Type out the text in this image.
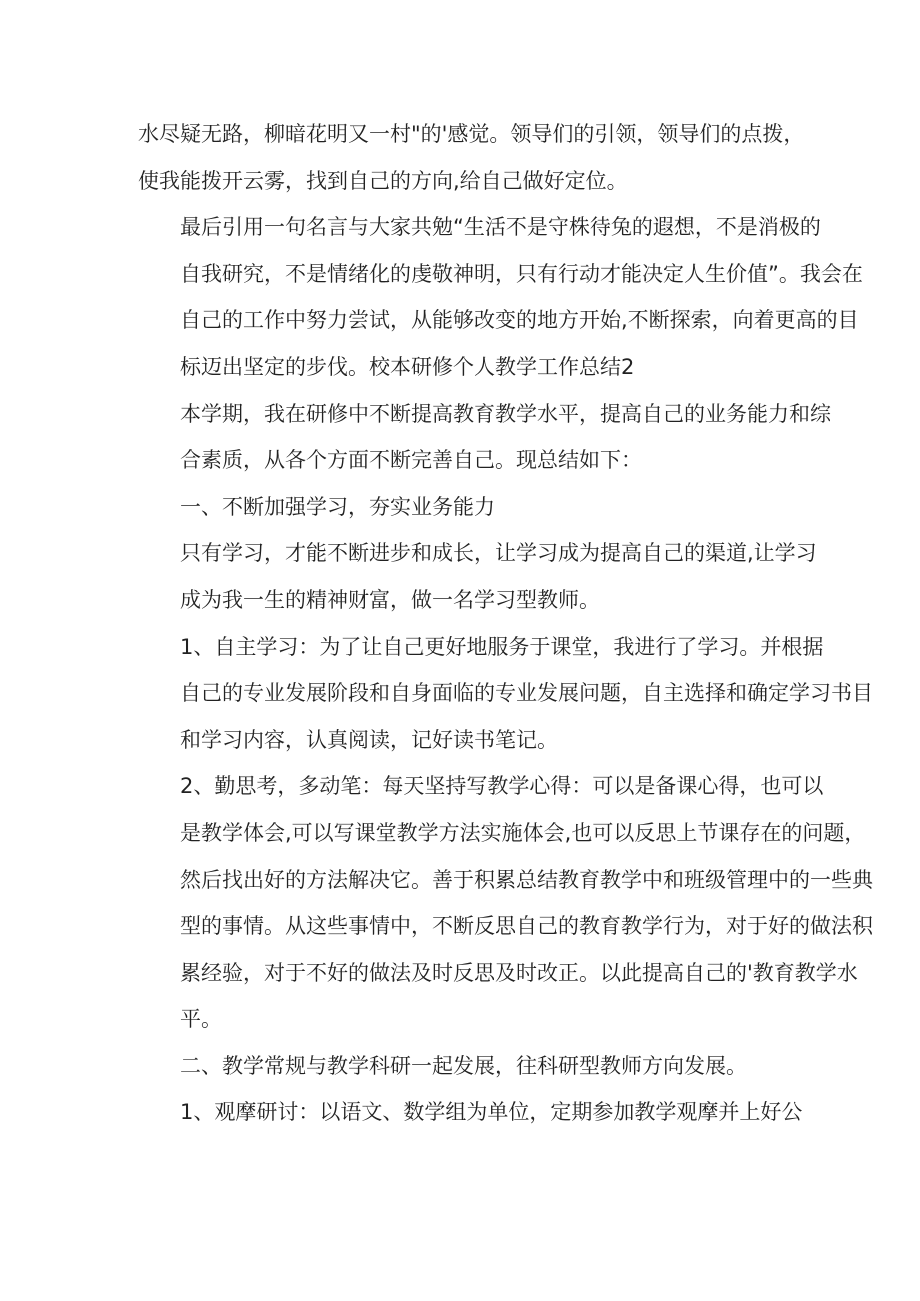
水尽疑无路，柳暗花明又一村"的'感觉。领导们的引领，领导们的点拨，
使我能拨开云雾，找到自己的方向,给自己做好定位。

最后引用一句名言与大家共勉“生活不是守株待兔的遐想，不是消极的
自我研究，不是情绪化的虔敬神明，只有行动才能决定人生价值”。我会在
自己的工作中努力尝试，从能够改变的地方开始,不断探索，向着更高的目
标迈出坚定的步伐。校本研修个人教学工作总结2

本学期，我在研修中不断提高教育教学水平，提高自己的业务能力和综
合素质，从各个方面不断完善自己。现总结如下：

一、不断加强学习，夯实业务能力

只有学习，才能不断进步和成长，让学习成为提高自己的渠道,让学习
成为我一生的精神财富，做一名学习型教师。

1、自主学习：为了让自己更好地服务于课堂，我进行了学习。并根据
自己的专业发展阶段和自身面临的专业发展问题，自主选择和确定学习书目
和学习内容，认真阅读，记好读书笔记。

2、勤思考，多动笔：每天坚持写教学心得：可以是备课心得，也可以
是教学体会,可以写课堂教学方法实施体会,也可以反思上节课存在的问题，
然后找出好的方法解决它。善于积累总结教育教学中和班级管理中的一些典
型的事情。从这些事情中，不断反思自己的教育教学行为，对于好的做法积
累经验，对于不好的做法及时反思及时改正。以此提高自己的'教育教学水
平。

二、教学常规与教学科研一起发展，往科研型教师方向发展。

1、观摩研讨：以语文、数学组为单位，定期参加教学观摩并上好公
